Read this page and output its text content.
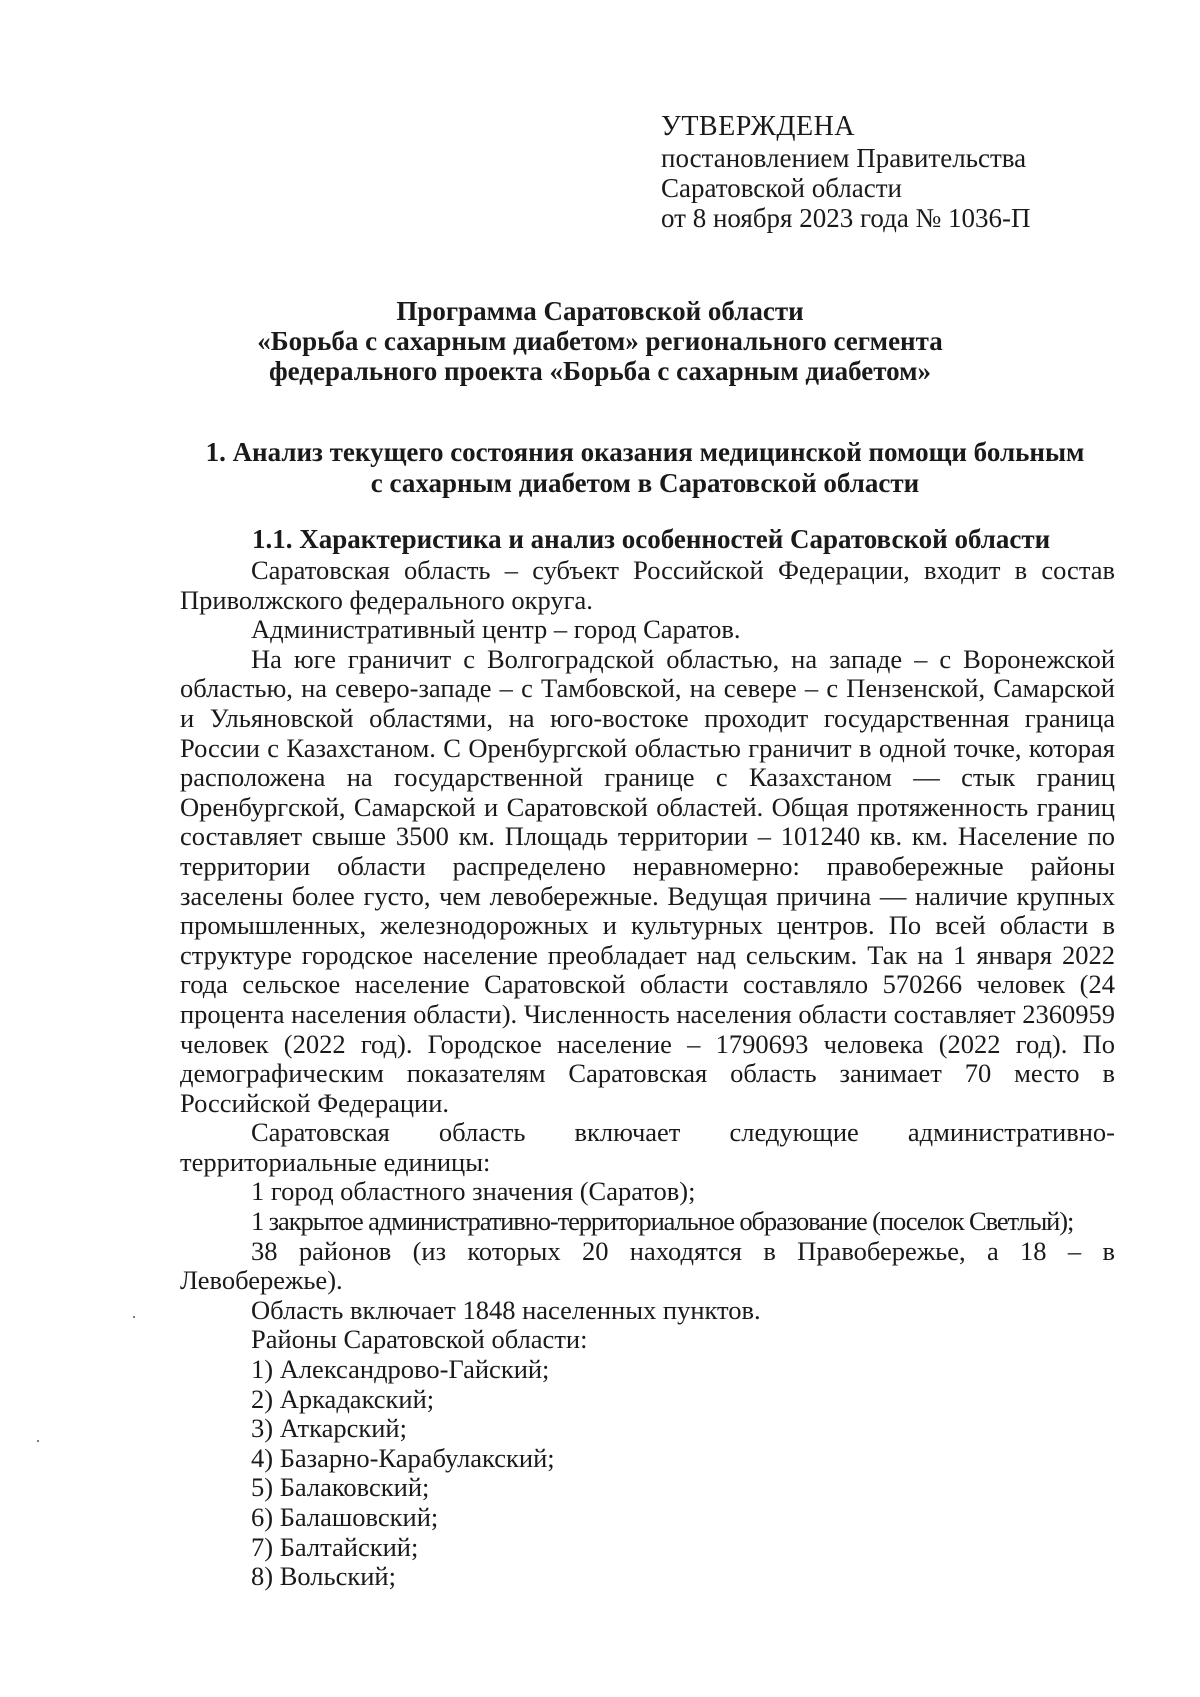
УТВЕРЖДЕНА
постановлением Правительства
Саратовской области
от 8 ноября 2023 года № 1036-П
Программа Саратовской области
«Борьба с сахарным диабетом» регионального сегмента
федерального проекта «Борьба с сахарным диабетом»
1. Анализ текущего состояния оказания медицинской помощи больным
с сахарным диабетом в Саратовской области
1.1. Характеристика и анализ особенностей Саратовской области

Саратовская область – субъект Российской Федерации, входит в состав Приволжского федерального округа.

Административный центр – город Саратов.

На юге граничит с Волгоградской областью, на западе – с Воронежской областью, на северо-западе – с Тамбовской, на севере – с Пензенской, Самарской и Ульяновской областями, на юго-востоке проходит государственная граница России с Казахстаном. С Оренбургской областью граничит в одной точке, которая расположена на государственной границе с Казахстаном — стык границ Оренбургской, Самарской и Саратовской областей. Общая протяженность границ составляет свыше 3500 км. Площадь территории – 101240 кв. км. Население по территории области распределено неравномерно: правобережные районы заселены более густо, чем левобережные. Ведущая причина — наличие крупных промышленных, железнодорожных и культурных центров. По всей области в структуре городское население преобладает над сельским. Так на 1 января 2022 года сельское население Саратовской области составляло 570266 человек (24 процента населения области). Численность населения области составляет 2360959 человек (2022 год). Городское население – 1790693 человека (2022 год). По демографическим показателям Саратовская область занимает 70 место в Российской Федерации.

Саратовская область включает следующие административно-территориальные единицы:

1 город областного значения (Саратов);

1 закрытое административно-территориальное образование (поселок Светлый);

38 районов (из которых 20 находятся в Правобережье, а 18 – в Левобережье).

Область включает 1848 населенных пунктов.

Районы Саратовской области:

1) Александрово-Гайский;

2) Аркадакский;

3) Аткарский;

4) Базарно-Карабулакский;

5) Балаковский;

6) Балашовский;

7) Балтайский;

8) Вольский;
